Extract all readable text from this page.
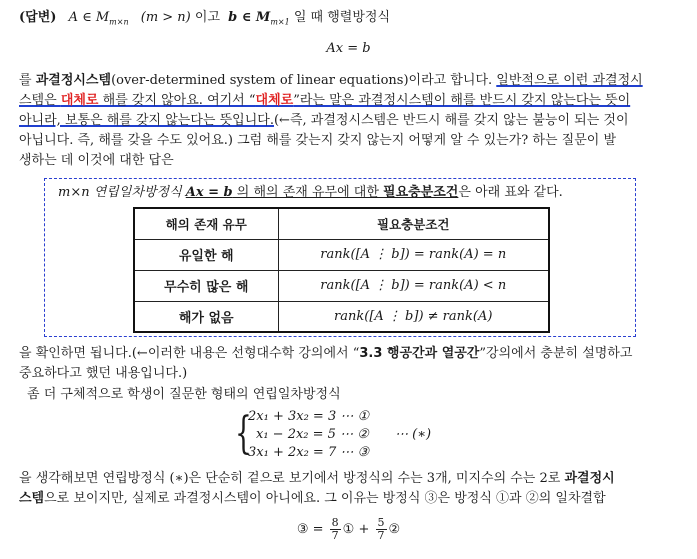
(답변) A ∈ $M_{m\times n}$ (m > n) 이고 b ∈ $M_{m\times 1}$ 일 때 행렬방정식
Ax = b
를 과결정시스템(over-determined system of linear equations)이라고 합니다. 일반적으로 이런 과결정시
스템은 대체로 해를 갖지 않아요. 여기서 “대체로”라는 말은 과결정시스템이 해를 반드시 갖지 않는다는 뜻이
아니라, 보통은 해를 갖지 않는다는 뜻입니다.(←즉, 과결정시스템은 반드시 해를 갖지 않는 불능이 되는 것이
아닙니다. 즉, 해를 갖을 수도 있어요.) 그럼 해를 갖는지 갖지 않는지 어떻게 알 수 있는가? 하는 질문이 발
생하는 데 이것에 대한 답은
m×n 연립일차방정식 Ax = b 의 해의 존재 유무에 대한 필요충분조건은 아래 표와 같다.
해의 존재 유무	필요충분조건
유일한 해	rank([A ⋮ b]) = rank(A) = n
무수히 많은 해	rank([A ⋮ b]) = rank(A) < n
해가 없음	rank([A ⋮ b]) ≠ rank(A)
을 확인하면 됩니다.(←이러한 내용은 선형대수학 강의에서 “3.3 행공간과 열공간”강의에서 충분히 설명하고
중요하다고 했던 내용입니다.)
좀 더 구체적으로 학생이 질문한 형태의 연립일차방정식
{
2x₁ + 3x₂ = 3 ⋯ ①
x₁ − 2x₂ = 5 ⋯ ②
3x₁ + 2x₂ = 7 ⋯ ③
⋯ (∗)
을 생각해보면 연립방정식 (∗)은 단순히 겉으로 보기에서 방정식의 수는 3개, 미지수의 수는 2로 과결정시
스템으로 보이지만, 실제로 과결정시스템이 아니에요. 그 이유는 방정식 ③은 방정식 ①과 ②의 일차결합
③ = $\frac{8}{7}$ ① + $\frac{5}{7}$ ②
